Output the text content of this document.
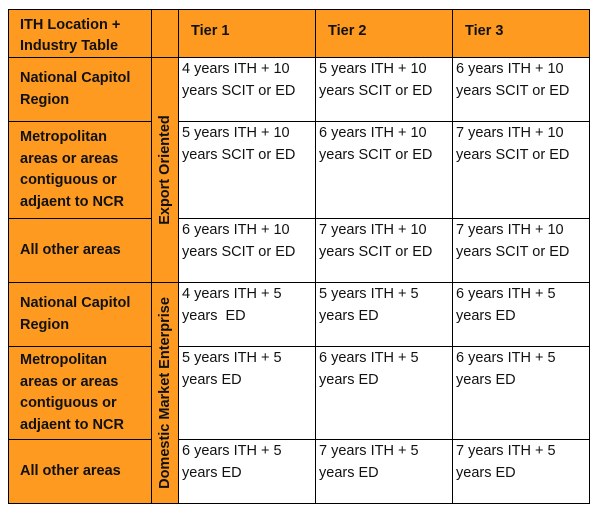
ITH Location +
Industry Table		Tier 1	Tier 2	Tier 3

National Capitol
Region	Export Oriented	4 years ITH + 10
years SCIT or ED	5 years ITH + 10
years SCIT or ED	6 years ITH + 10
years SCIT or ED

Metropolitan
areas or areas
contiguous or
adjaent to NCR		5 years ITH + 10
years SCIT or ED	6 years ITH + 10
years SCIT or ED	7 years ITH + 10
years SCIT or ED

All other areas		6 years ITH + 10
years SCIT or ED	7 years ITH + 10
years SCIT or ED	7 years ITH + 10
years SCIT or ED

National Capitol
Region	Domestic Market Enterprise	4 years ITH + 5
years  ED	5 years ITH + 5
years ED	6 years ITH + 5
years ED

Metropolitan
areas or areas
contiguous or
adjaent to NCR		5 years ITH + 5
years ED	6 years ITH + 5
years ED	6 years ITH + 5
years ED

All other areas		6 years ITH + 5
years ED	7 years ITH + 5
years ED	7 years ITH + 5
years ED
